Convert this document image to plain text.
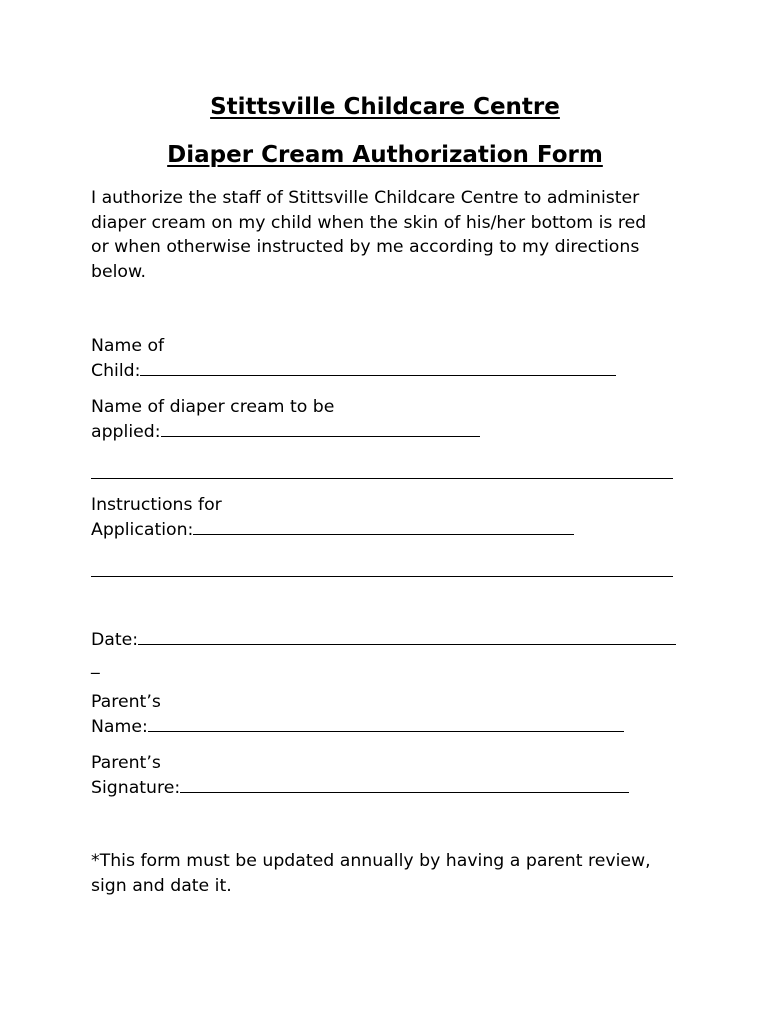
Stittsville Childcare Centre
Diaper Cream Authorization Form
I authorize the staff of Stittsville Childcare Centre to administer
diaper cream on my child when the skin of his/her bottom is red
or when otherwise instructed by me according to my directions
below.
Name of
Child:
Name of diaper cream to be
applied:
Instructions for
Application:
Date:
_
Parent’s
Name:
Parent’s
Signature:
*This form must be updated annually by having a parent review,
sign and date it.
